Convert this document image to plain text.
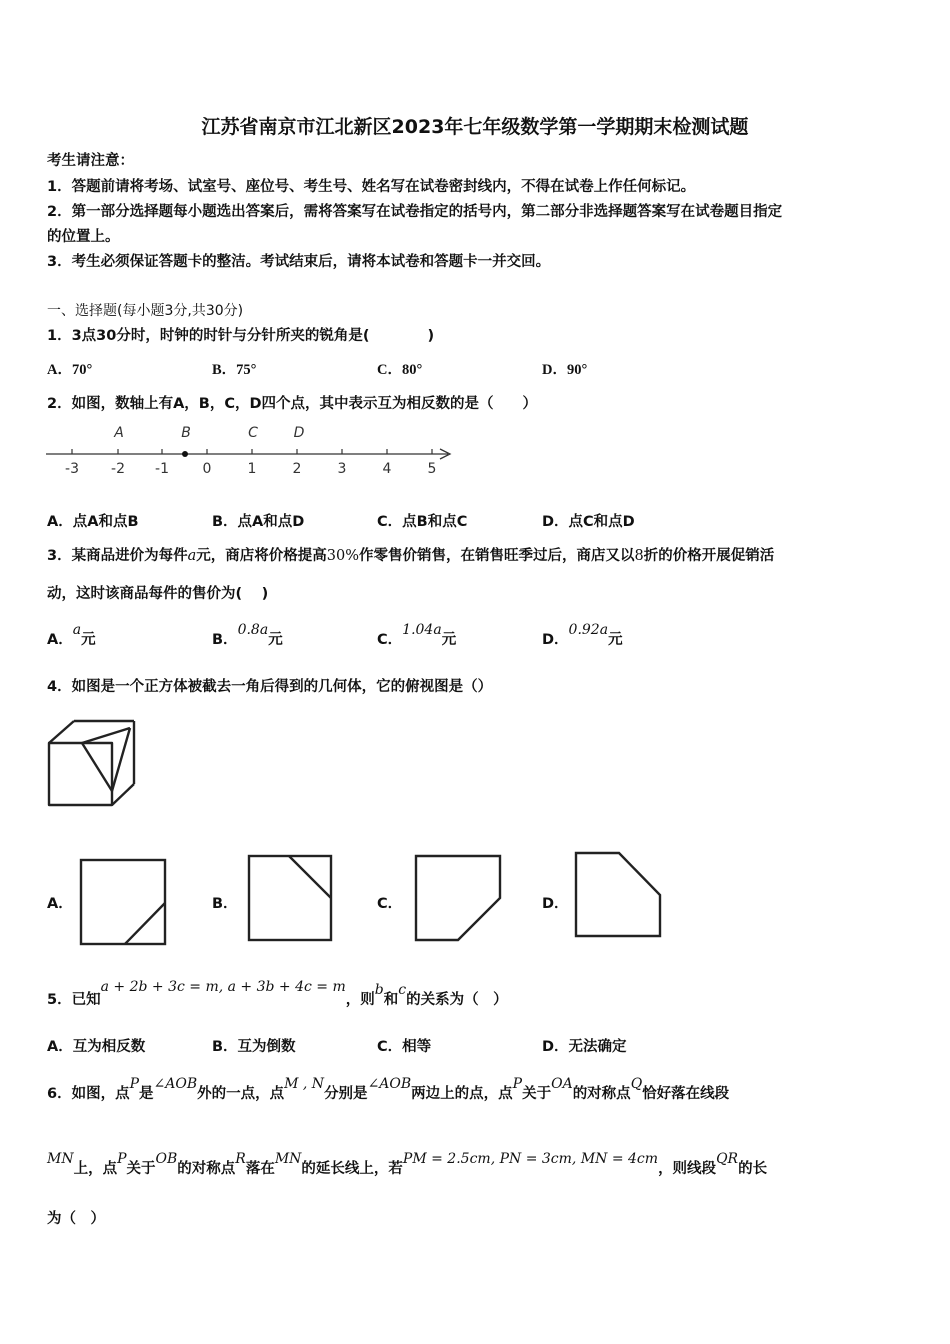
江苏省南京市江北新区2023年七年级数学第一学期期末检测试题
考生请注意：
1．答题前请将考场、试室号、座位号、考生号、姓名写在试卷密封线内，不得在试卷上作任何标记。
2．第一部分选择题每小题选出答案后，需将答案写在试卷指定的括号内，第二部分非选择题答案写在试卷题目指定
的位置上。
3．考生必须保证答题卡的整洁。考试结束后，请将本试卷和答题卡一并交回。
一、选择题(每小题3分,共30分)
1．3点30分时，时钟的时针与分针所夹的锐角是(　　　　)
A．70°	B．75°	C．80°	D．90°
2．如图，数轴上有A，B，C，D四个点，其中表示互为相反数的是（　　）
-3 -2 -1 0	1	2	3	4	5
A	B	C	D
A．点A和点B	B．点A和点D	C．点B和点C	D．点C和点D
3．某商品进价为每件a元，商店将价格提高30%作零售价销售，在销售旺季过后，商店又以8折的价格开展促销活
动，这时该商品每件的售价为(　 )
A．a元	B．0.8a元	C．1.04a元	D．0.92a元
4．如图是一个正方体被截去一角后得到的几何体，它的俯视图是（）
A．	B．	C．	D．
5．已知a + 2b + 3c = m, a + 3b + 4c = m，则b和c的关系为（　）
A．互为相反数	B．互为倒数	C．相等	D．无法确定
6．如图，点P是∠AOB外的一点，点M , N分别是∠AOB两边上的点，点P关于OA的对称点Q恰好落在线段
MN上，点P关于OB的对称点R落在MN的延长线上，若PM = 2.5cm, PN = 3cm, MN = 4cm，则线段QR的长
为（　）
